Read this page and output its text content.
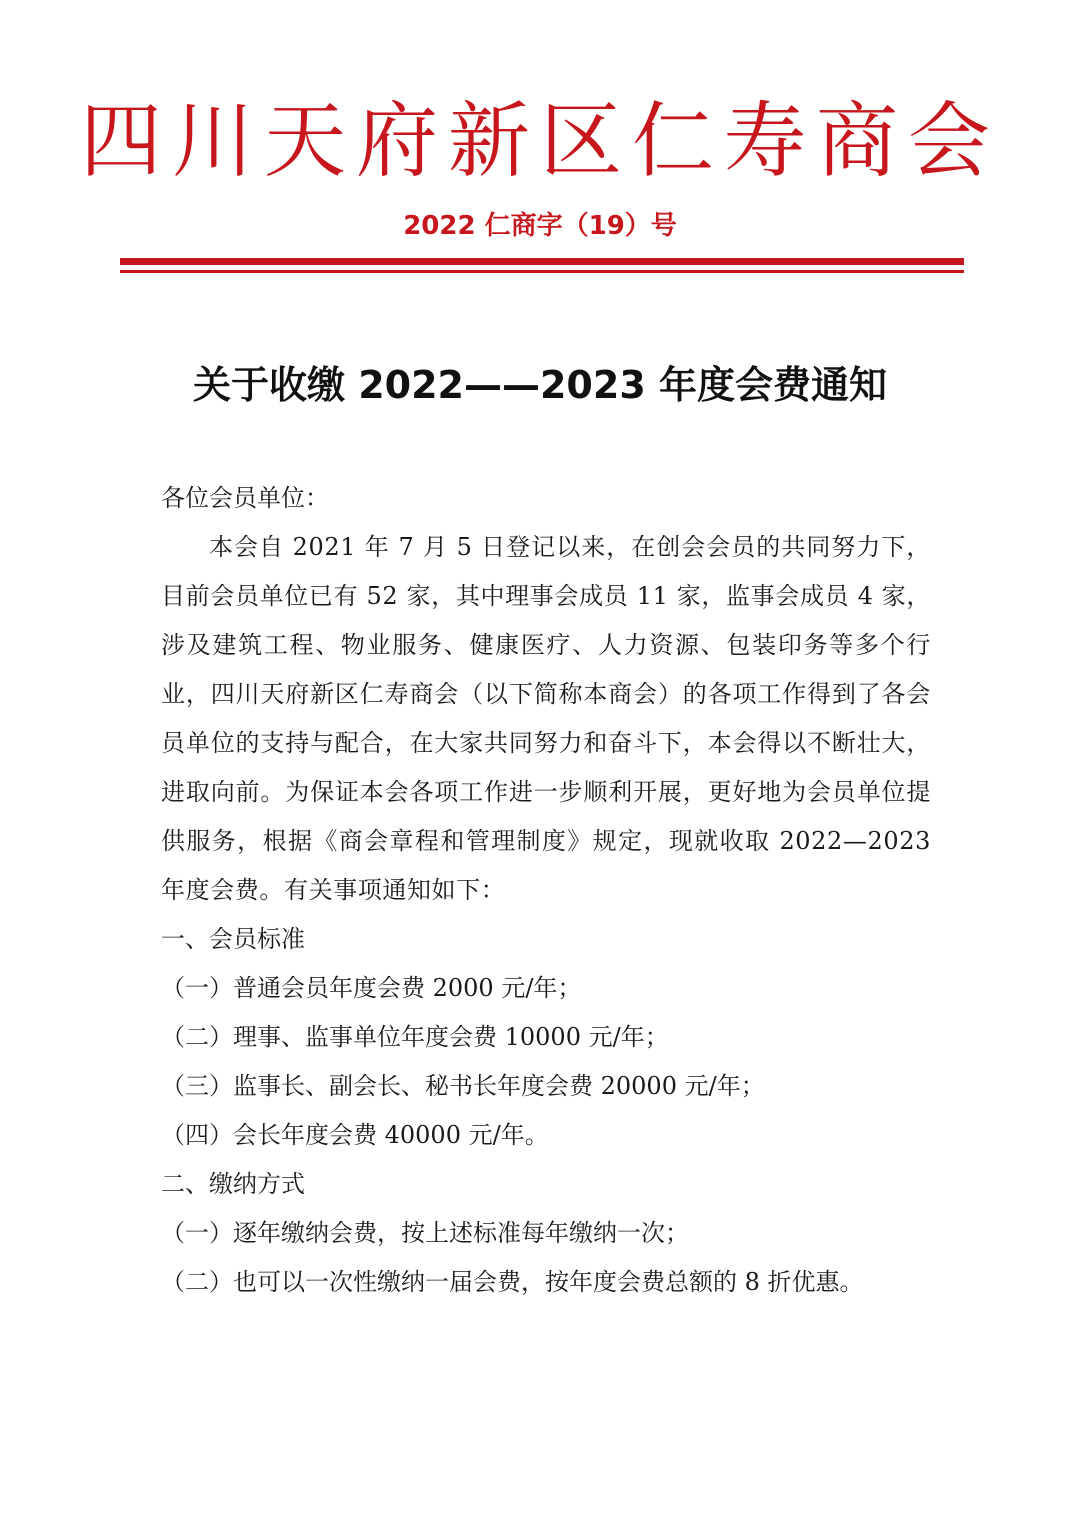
四川天府新区仁寿商会
2022 仁商字（19）号
关于收缴 2022——2023 年度会费通知

各位会员单位：

本会自 2021 年 7 月 5 日登记以来，在创会会员的共同努力下，目前会员单位已有 52 家，其中理事会成员 11 家，监事会成员 4 家，涉及建筑工程、物业服务、健康医疗、人力资源、包装印务等多个行业，四川天府新区仁寿商会（以下简称本商会）的各项工作得到了各会员单位的支持与配合，在大家共同努力和奋斗下，本会得以不断壮大，进取向前。为保证本会各项工作进一步顺利开展，更好地为会员单位提供服务，根据《商会章程和管理制度》规定，现就收取 2022—2023 年度会费。有关事项通知如下：

一、会员标准

（一）普通会员年度会费 2000 元/年；

（二）理事、监事单位年度会费 10000 元/年；

（三）监事长、副会长、秘书长年度会费 20000 元/年；

（四）会长年度会费 40000 元/年。

二、缴纳方式

（一）逐年缴纳会费，按上述标准每年缴纳一次；

（二）也可以一次性缴纳一届会费，按年度会费总额的 8 折优惠。
